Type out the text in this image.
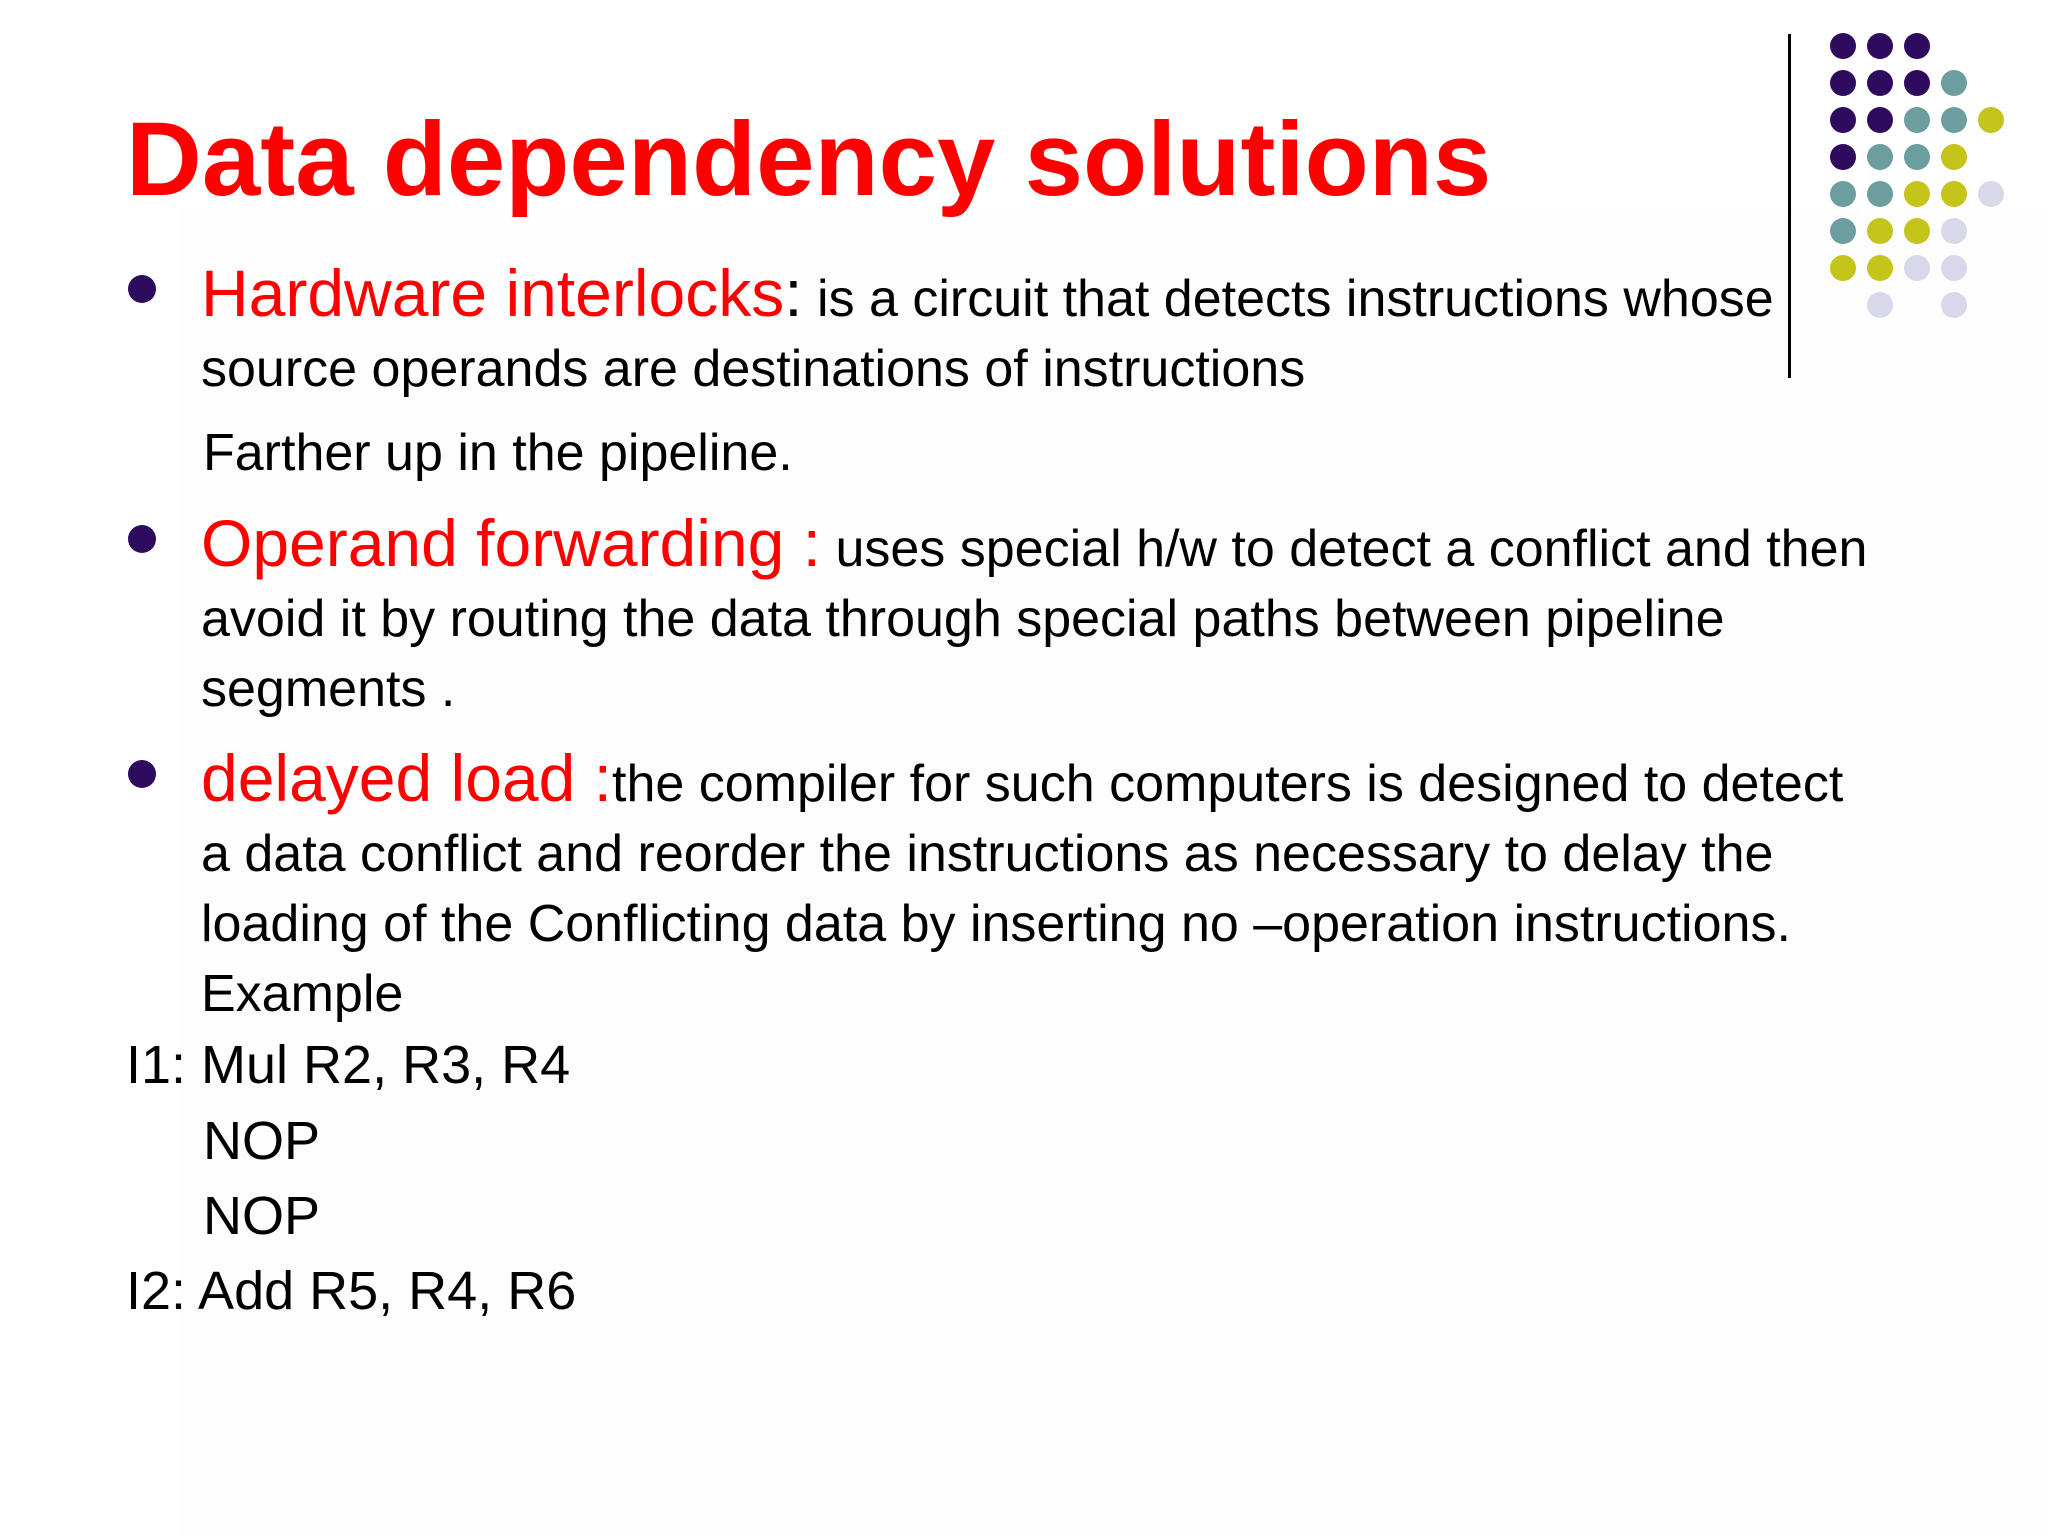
Data dependency solutions
Hardware interlocks: is a circuit that detects instructions whose source operands are destinations of instructions
Farther up in the pipeline.
Operand forwarding : uses special h/w to detect a conflict and then avoid it by routing the data through special paths between pipeline segments .
delayed load :the compiler for such computers is designed to detect a data conflict and reorder the instructions as necessary to delay the loading of the Conflicting data by inserting no –operation instructions. Example
I1: Mul R2, R3, R4
NOP
NOP
I2: Add R5, R4, R6
